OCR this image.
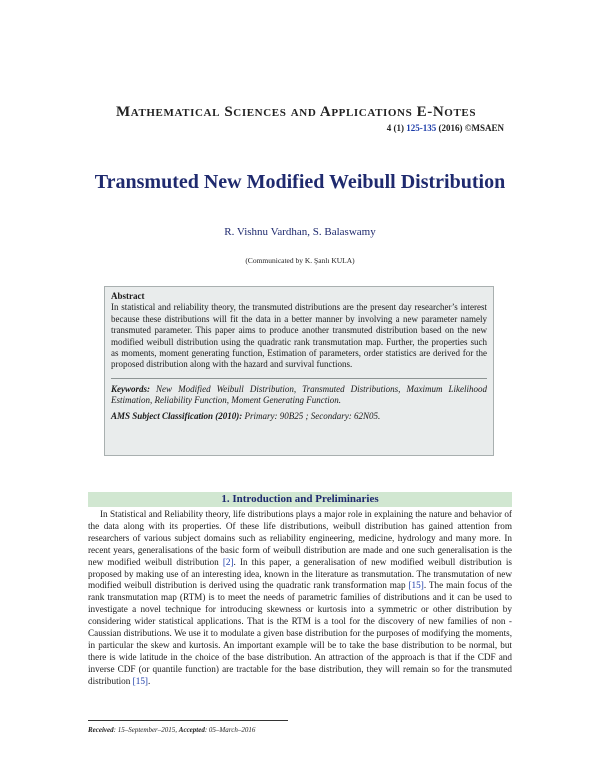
Mathematical Sciences and Applications E-Notes
4 (1) 125-135 (2016) ©MSAEN
Transmuted New Modified Weibull Distribution
R. Vishnu Vardhan, S. Balaswamy
(Communicated by K. Şanlı KULA)

Abstract
In statistical and reliability theory, the transmuted distributions are the present day researcher’s interest because these distributions will fit the data in a better manner by involving a new parameter namely transmuted parameter. This paper aims to produce another transmuted distribution based on the new modified weibull distribution using the quadratic rank transmutation map. Further, the properties such as moments, moment generating function, Estimation of parameters, order statistics are derived for the proposed distribution along with the hazard and survival functions.

Keywords: New Modified Weibull Distribution, Transmuted Distributions, Maximum Likelihood Estimation, Reliability Function, Moment Generating Function.

AMS Subject Classification (2010): Primary: 90B25 ; Secondary: 62N05.

1. Introduction and Preliminaries

In Statistical and Reliability theory, life distributions plays a major role in explaining the nature and behavior of the data along with its properties. Of these life distributions, weibull distribution has gained attention from researchers of various subject domains such as reliability engineering, medicine, hydrology and many more. In recent years, generalisations of the basic form of weibull distribution are made and one such generalisation is the new modified weibull distribution [2]. In this paper, a generalisation of new modified weibull distribution is proposed by making use of an interesting idea, known in the literature as transmutation. The transmutation of new modified weibull distribution is derived using the quadratic rank transformation map [15]. The main focus of the rank transmutation map (RTM) is to meet the needs of parametric families of distributions and it can be used to investigate a novel technique for introducing skewness or kurtosis into a symmetric or other distribution by considering wider statistical applications. That is the RTM is a tool for the discovery of new families of non - Caussian distributions. We use it to modulate a given base distribution for the purposes of modifying the moments, in particular the skew and kurtosis. An important example will be to take the base distribution to be normal, but there is wide latitude in the choice of the base distribution. An attraction of the approach is that if the CDF and inverse CDF (or quantile function) are tractable for the base distribution, they will remain so for the transmuted distribution [15].

Received: 15–September–2015, Accepted: 05–March–2016
